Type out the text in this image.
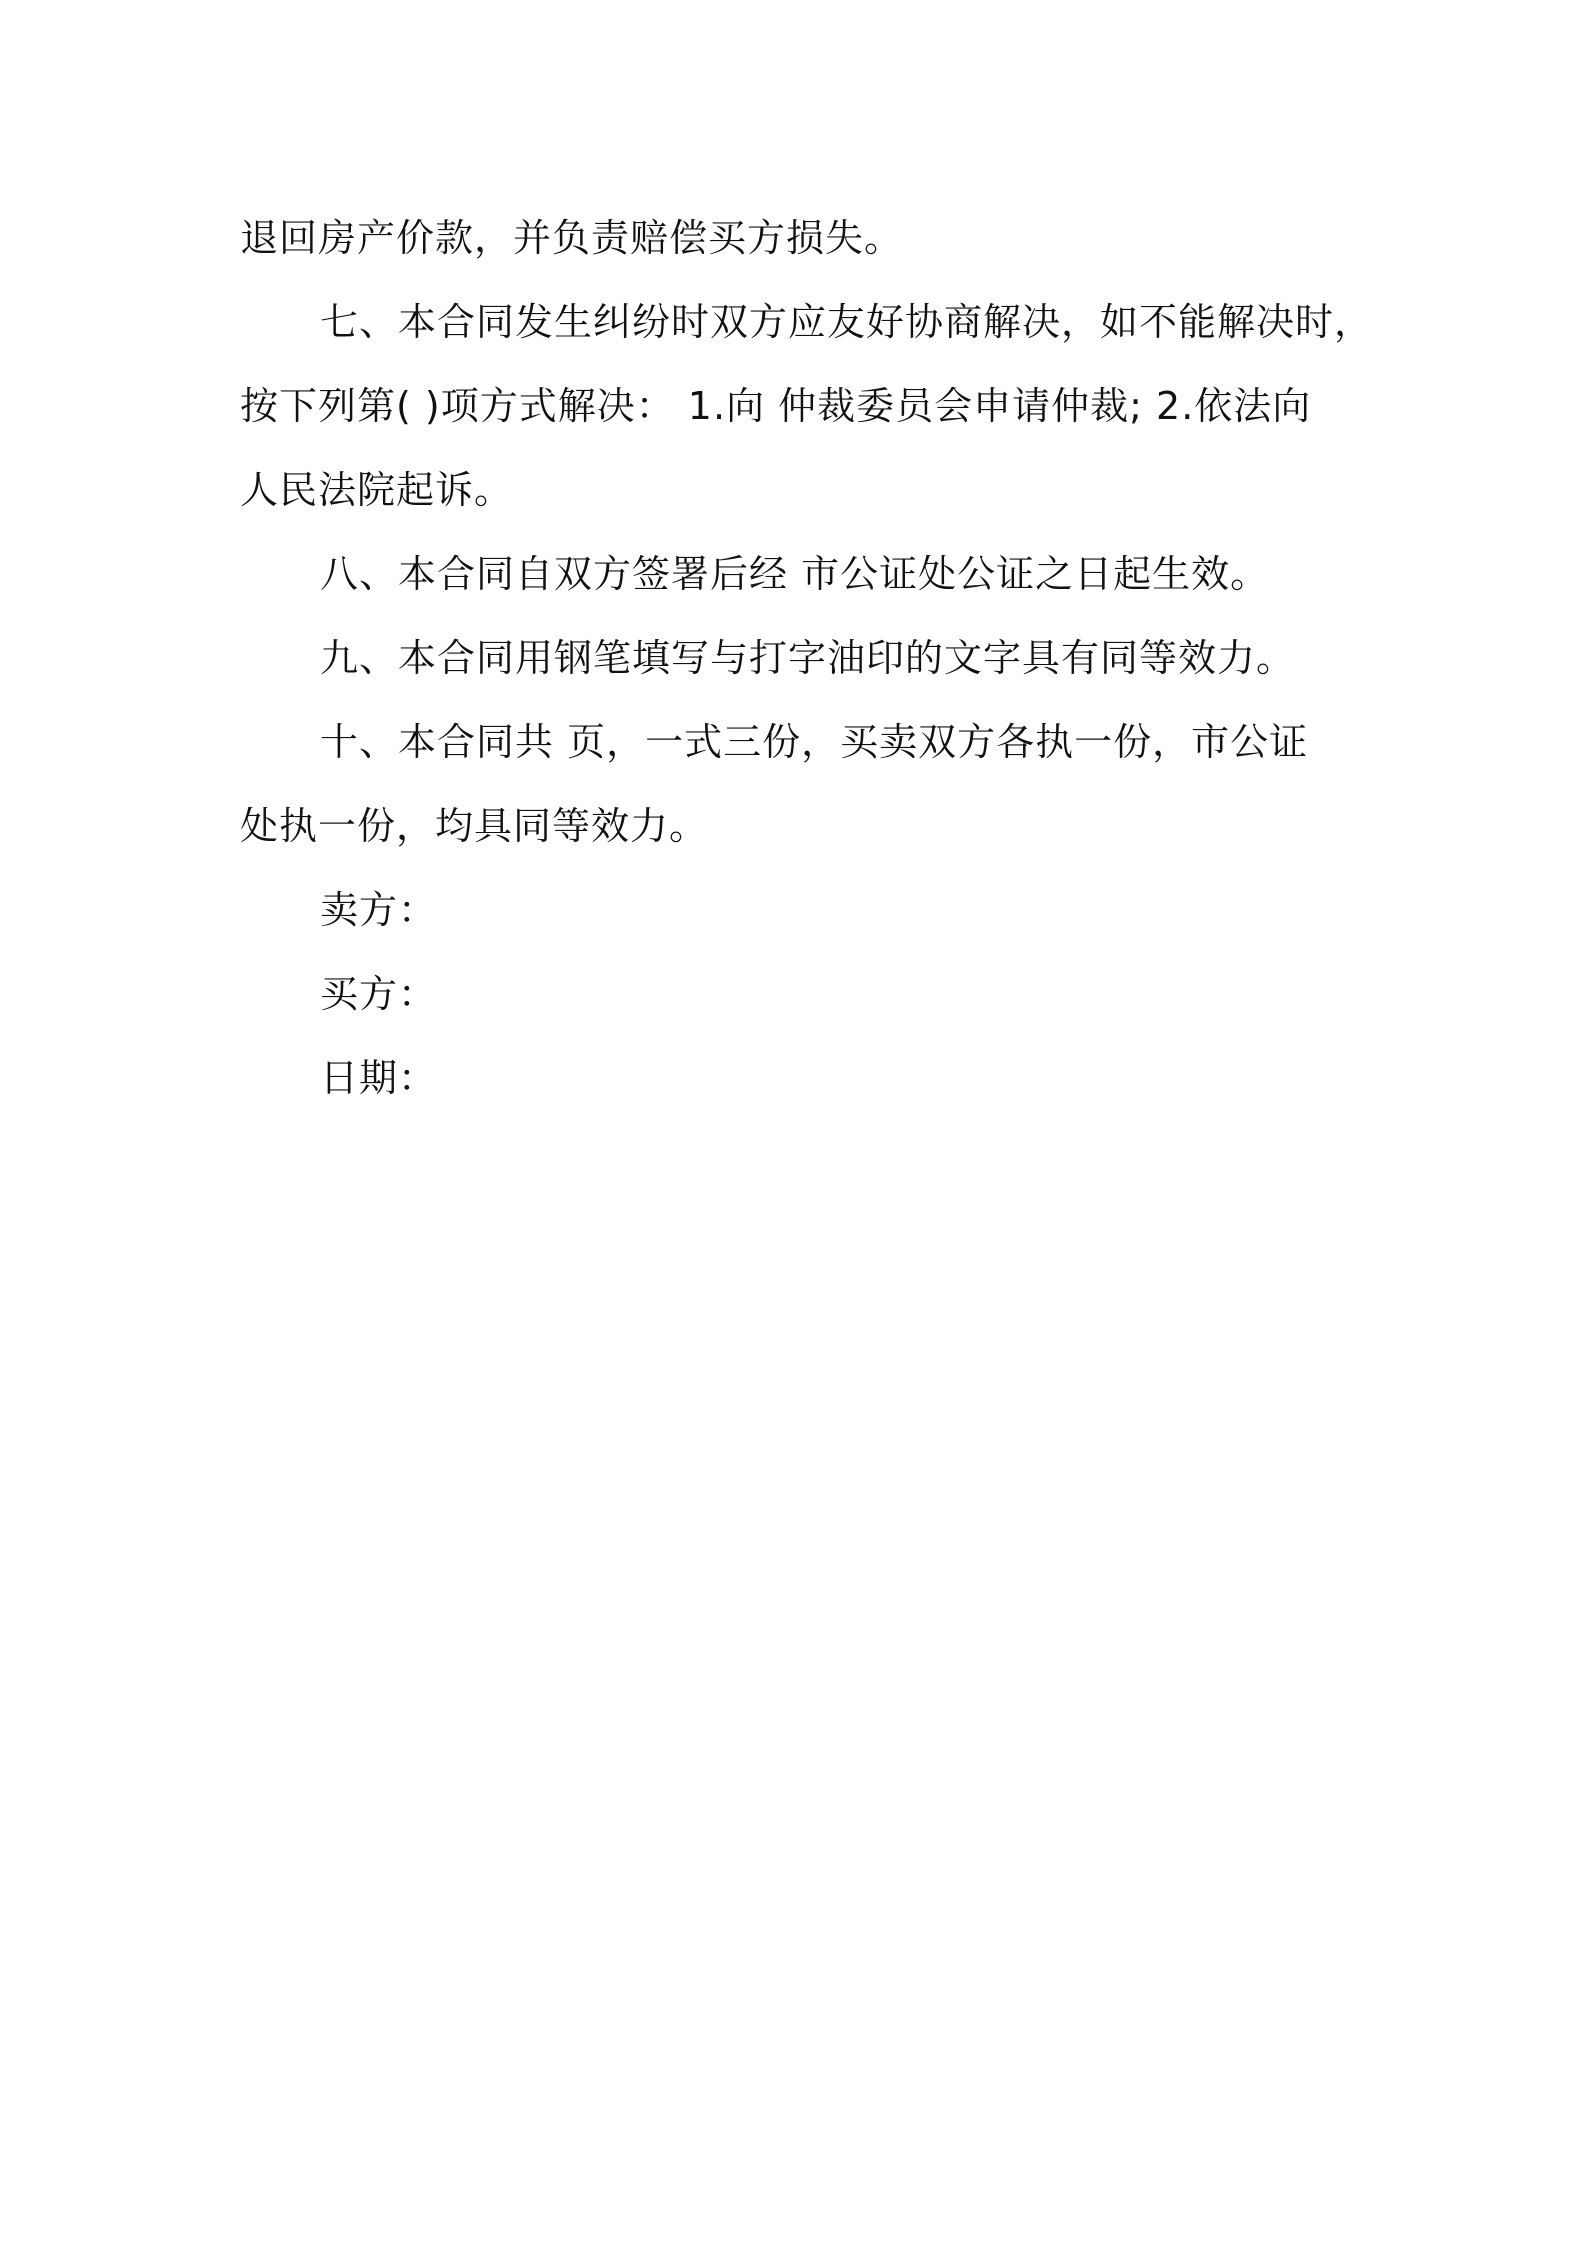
退回房产价款，并负责赔偿买方损失。

七、本合同发生纠纷时双方应友好协商解决，如不能解决时，

按下列第( )项方式解决： 1.向 仲裁委员会申请仲裁; 2.依法向

人民法院起诉。

八、本合同自双方签署后经 市公证处公证之日起生效。

九、本合同用钢笔填写与打字油印的文字具有同等效力。

十、本合同共 页，一式三份，买卖双方各执一份，市公证

处执一份，均具同等效力。

卖方：

买方：

日期：
